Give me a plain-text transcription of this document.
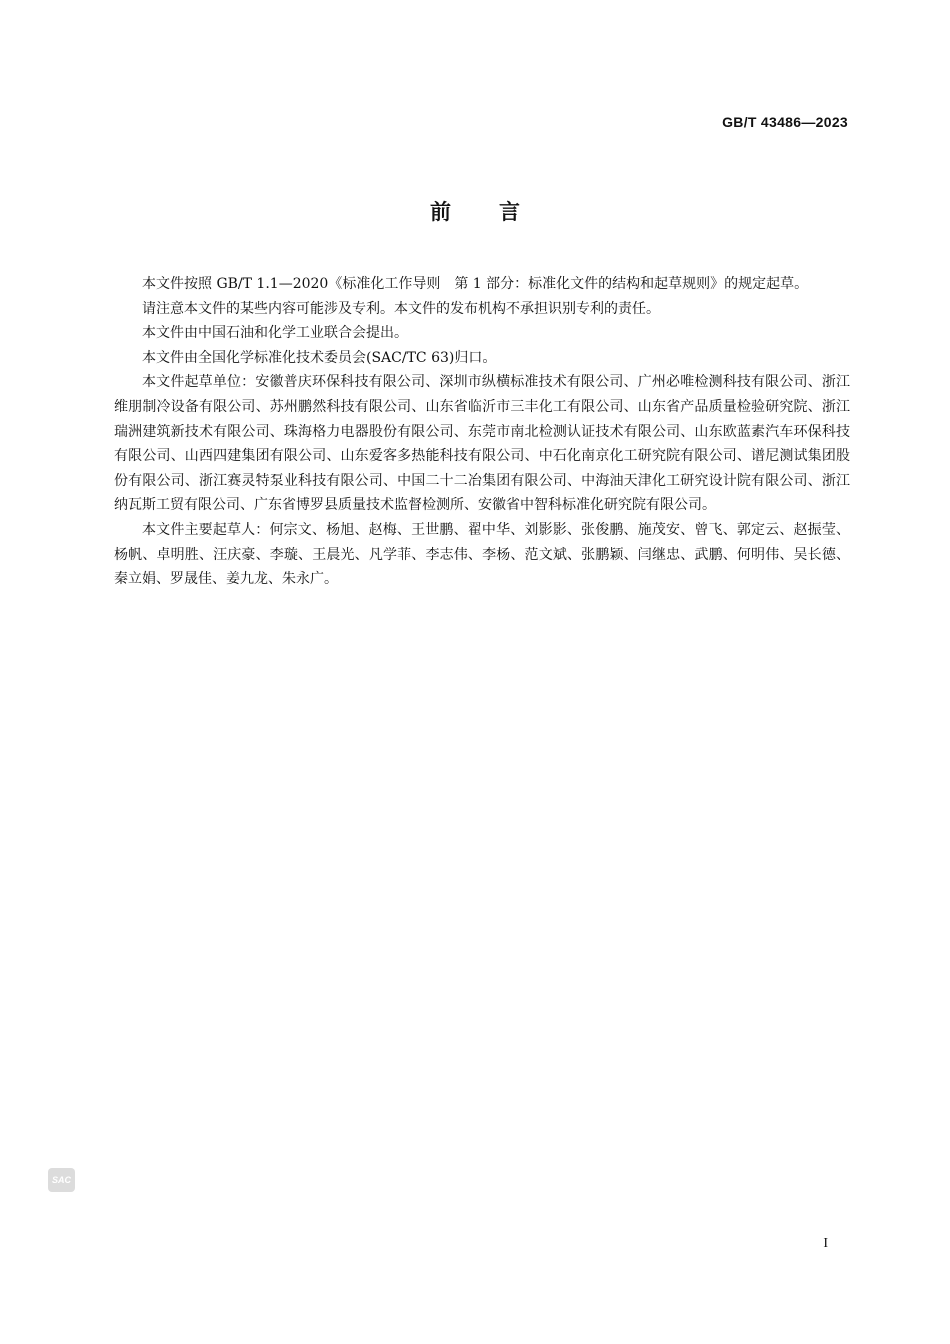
GB/T 43486—2023
前言

本文件按照 GB/T 1.1—2020《标准化工作导则　第 1 部分：标准化文件的结构和起草规则》的规定起草。

请注意本文件的某些内容可能涉及专利。本文件的发布机构不承担识别专利的责任。

本文件由中国石油和化学工业联合会提出。

本文件由全国化学标准化技术委员会(SAC/TC 63)归口。

本文件起草单位：安徽普庆环保科技有限公司、深圳市纵横标准技术有限公司、广州必唯检测科技有限公司、浙江维朋制冷设备有限公司、苏州鹏然科技有限公司、山东省临沂市三丰化工有限公司、山东省产品质量检验研究院、浙江瑞洲建筑新技术有限公司、珠海格力电器股份有限公司、东莞市南北检测认证技术有限公司、山东欧蓝素汽车环保科技有限公司、山西四建集团有限公司、山东爱客多热能科技有限公司、中石化南京化工研究院有限公司、谱尼测试集团股份有限公司、浙江赛灵特泵业科技有限公司、中国二十二冶集团有限公司、中海油天津化工研究设计院有限公司、浙江纳瓦斯工贸有限公司、广东省博罗县质量技术监督检测所、安徽省中智科标准化研究院有限公司。

本文件主要起草人：何宗文、杨旭、赵梅、王世鹏、翟中华、刘影影、张俊鹏、施茂安、曾飞、郭定云、赵振莹、杨帆、卓明胜、汪庆豪、李璇、王晨光、凡学菲、李志伟、李杨、范文斌、张鹏颖、闫继忠、武鹏、何明伟、吴长德、秦立娟、罗晟佳、姜九龙、朱永广。

SAC
I
